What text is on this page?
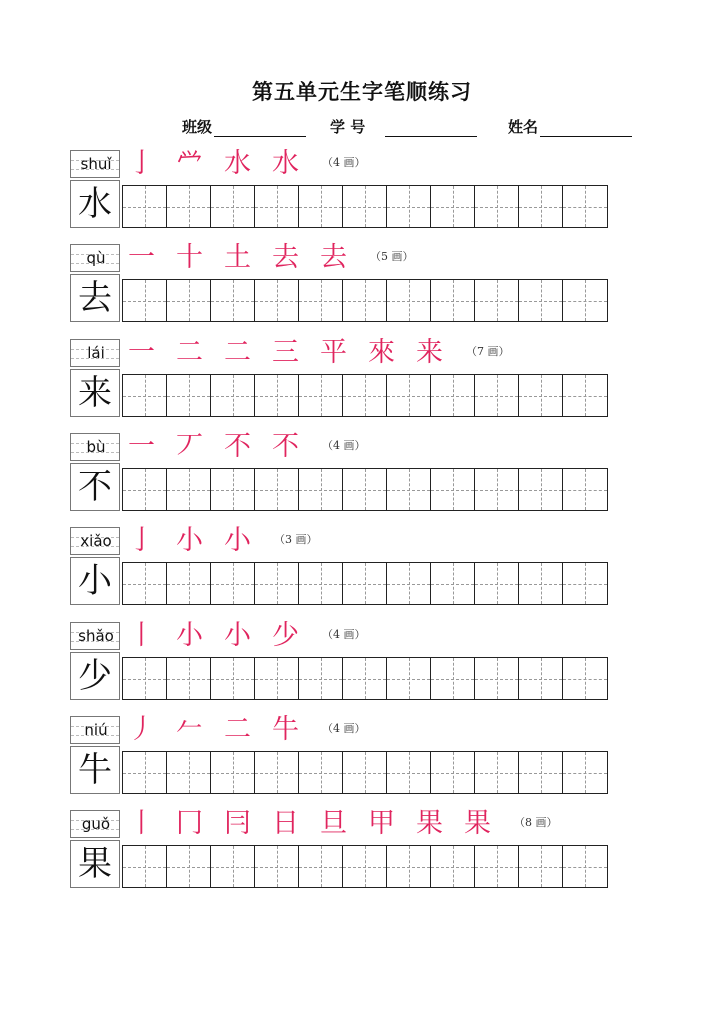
第五单元生字笔顺练习
班级	学 号	姓名
shuǐ
水
亅 𰃮 水 水 （4 画）
qù
去
一 十 土 去 去 （5 画）
lái
来
一 二 二 三 平 來 来 （7 画）
bù
不
一 丆 不 不 （4 画）
xiǎo
小
亅 小 小 （3 画）
shǎo
少
丨 小 小 少 （4 画）
niú
牛
丿 𠂉 二 牛 （4 画）
guǒ
果
丨 冂 冃 日 旦 甲 果 果 （8 画）
